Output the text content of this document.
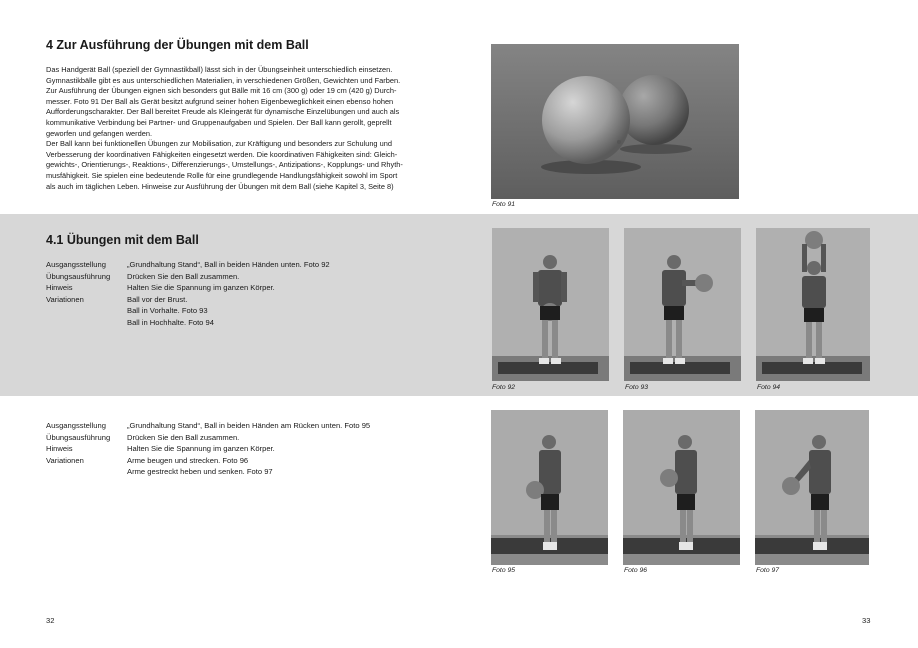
4 Zur Ausführung der Übungen mit dem Ball

Das Handgerät Ball (speziell der Gymnastikball) lässt sich in der Übungseinheit unterschiedlich einsetzen.
Gymnastikbälle gibt es aus unterschiedlichen Materialien, in verschiedenen Größen, Gewichten und Farben.
Zur Ausführung der Übungen eignen sich besonders gut Bälle mit 16 cm (300 g) oder 19 cm (420 g) Durch-
messer. Foto 91 Der Ball als Gerät besitzt aufgrund seiner hohen Eigenbeweglichkeit einen ebenso hohen
Aufforderungscharakter. Der Ball bereitet Freude als Kleingerät für dynamische Einzelübungen und auch als
kommunikative Verbindung bei Partner- und Gruppenaufgaben und Spielen. Der Ball kann gerollt, geprellt
geworfen und gefangen werden.
Der Ball kann bei funktionellen Übungen zur Mobilisation, zur Kräftigung und besonders zur Schulung und
Verbesserung der koordinativen Fähigkeiten eingesetzt werden. Die koordinativen Fähigkeiten sind: Gleich-
gewichts-, Orientierungs-, Reaktions-, Differenzierungs-, Umstellungs-, Antizipations-, Kopplungs- und Rhyth-
musfähigkeit. Sie spielen eine bedeutende Rolle für eine grundlegende Handlungsfähigkeit sowohl im Sport
als auch im täglichen Leben. Hinweise zur Ausführung der Übungen mit dem Ball (siehe Kapitel 3, Seite 8)

4.1 Übungen mit dem Ball
Ausgangsstellung	„Grundhaltung Stand“, Ball in beiden Händen unten. Foto 92
Übungsausführung	Drücken Sie den Ball zusammen.
Hinweis	Halten Sie die Spannung im ganzen Körper.
Variationen	Ball vor der Brust.
Ball in Vorhalte. Foto 93
Ball in Hochhalte. Foto 94
Ausgangsstellung	„Grundhaltung Stand“, Ball in beiden Händen am Rücken unten. Foto 95
Übungsausführung	Drücken Sie den Ball zusammen.
Hinweis	Halten Sie die Spannung im ganzen Körper.
Variationen	Arme beugen und strecken. Foto 96
Arme gestreckt heben und senken. Foto 97
Foto 91
Foto 92	Foto 93	Foto 94
Foto 95	Foto 96	Foto 97
32	33
